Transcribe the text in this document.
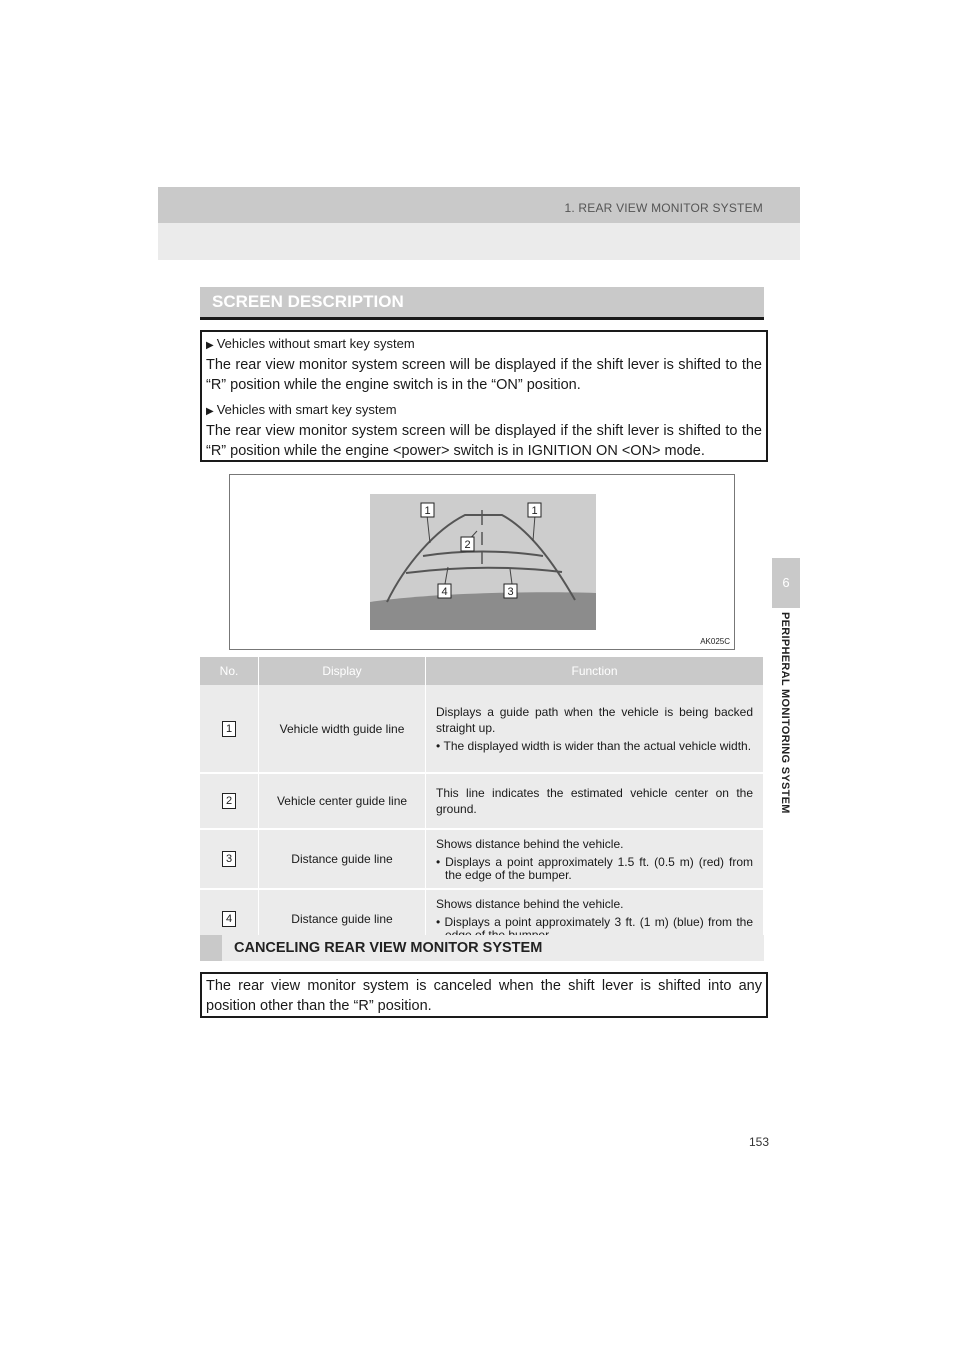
1. REAR VIEW MONITOR SYSTEM
6
PERIPHERAL MONITORING SYSTEM
SCREEN DESCRIPTION
▶ Vehicles without smart key system
The rear view monitor system screen will be displayed if the shift lever is shifted to the “R” position while the engine switch is in the “ON” position.
▶ Vehicles with smart key system
The rear view monitor system screen will be displayed if the shift lever is shifted to the “R” position while the engine <power> switch is in IGNITION ON <ON> mode.
1	1
2
4	3
AK025C
No.	Display	Function
1	Vehicle width guide line	Displays a guide path when the vehicle is being backed straight up.
• The displayed width is wider than the actual vehicle width.

2	Vehicle center guide line	This line indicates the estimated vehicle center on the ground.

3	Distance guide line	Shows distance behind the vehicle.
• Displays a point approximately 1.5 ft. (0.5 m) (red) from the edge of the bumper.

4	Distance guide line	Shows distance behind the vehicle.
• Displays a point approximately 3 ft. (1 m) (blue) from the
CANCELING REAR VIEW MONITOR SYSTEM
The rear view monitor system is canceled when the shift lever is shifted into any position other than the “R” position.
153
